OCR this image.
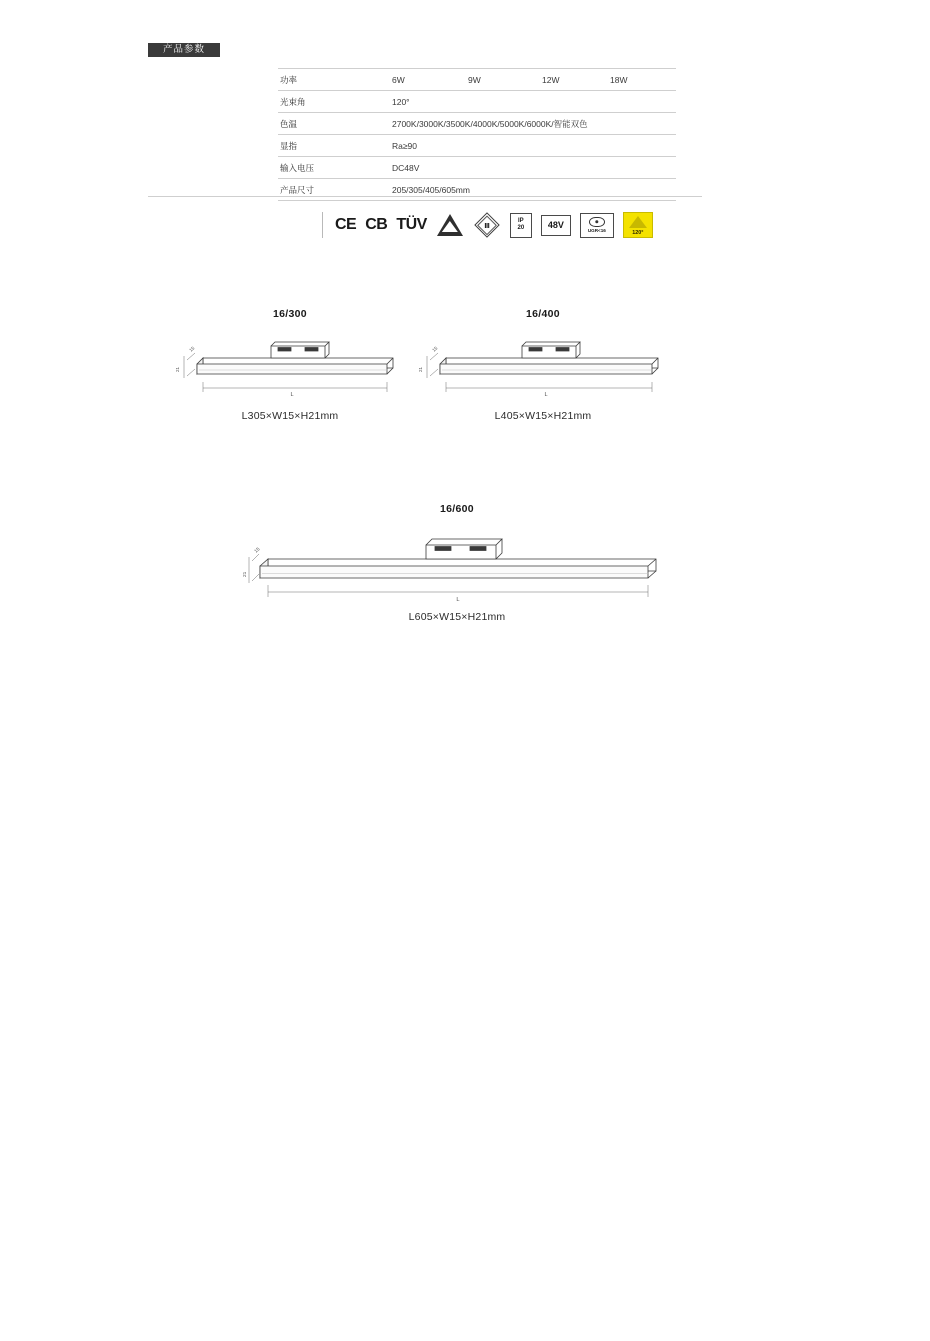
产品参数
功率	6W 9W 12W 18W

光束角	120°
色温	2700K/3000K/3500K/4000K/5000K/6000K/智能双色
显指	Ra≥90
输入电压	DC48V
产品尺寸	205/305/405/605mm
CE CB TÜV	III	IP
20	48V
UGR<16	120°
16/300
15
21
L
L305×W15×H21mm
16/400
15
21
L
L405×W15×H21mm
16/600
15
21
L
L605×W15×H21mm
